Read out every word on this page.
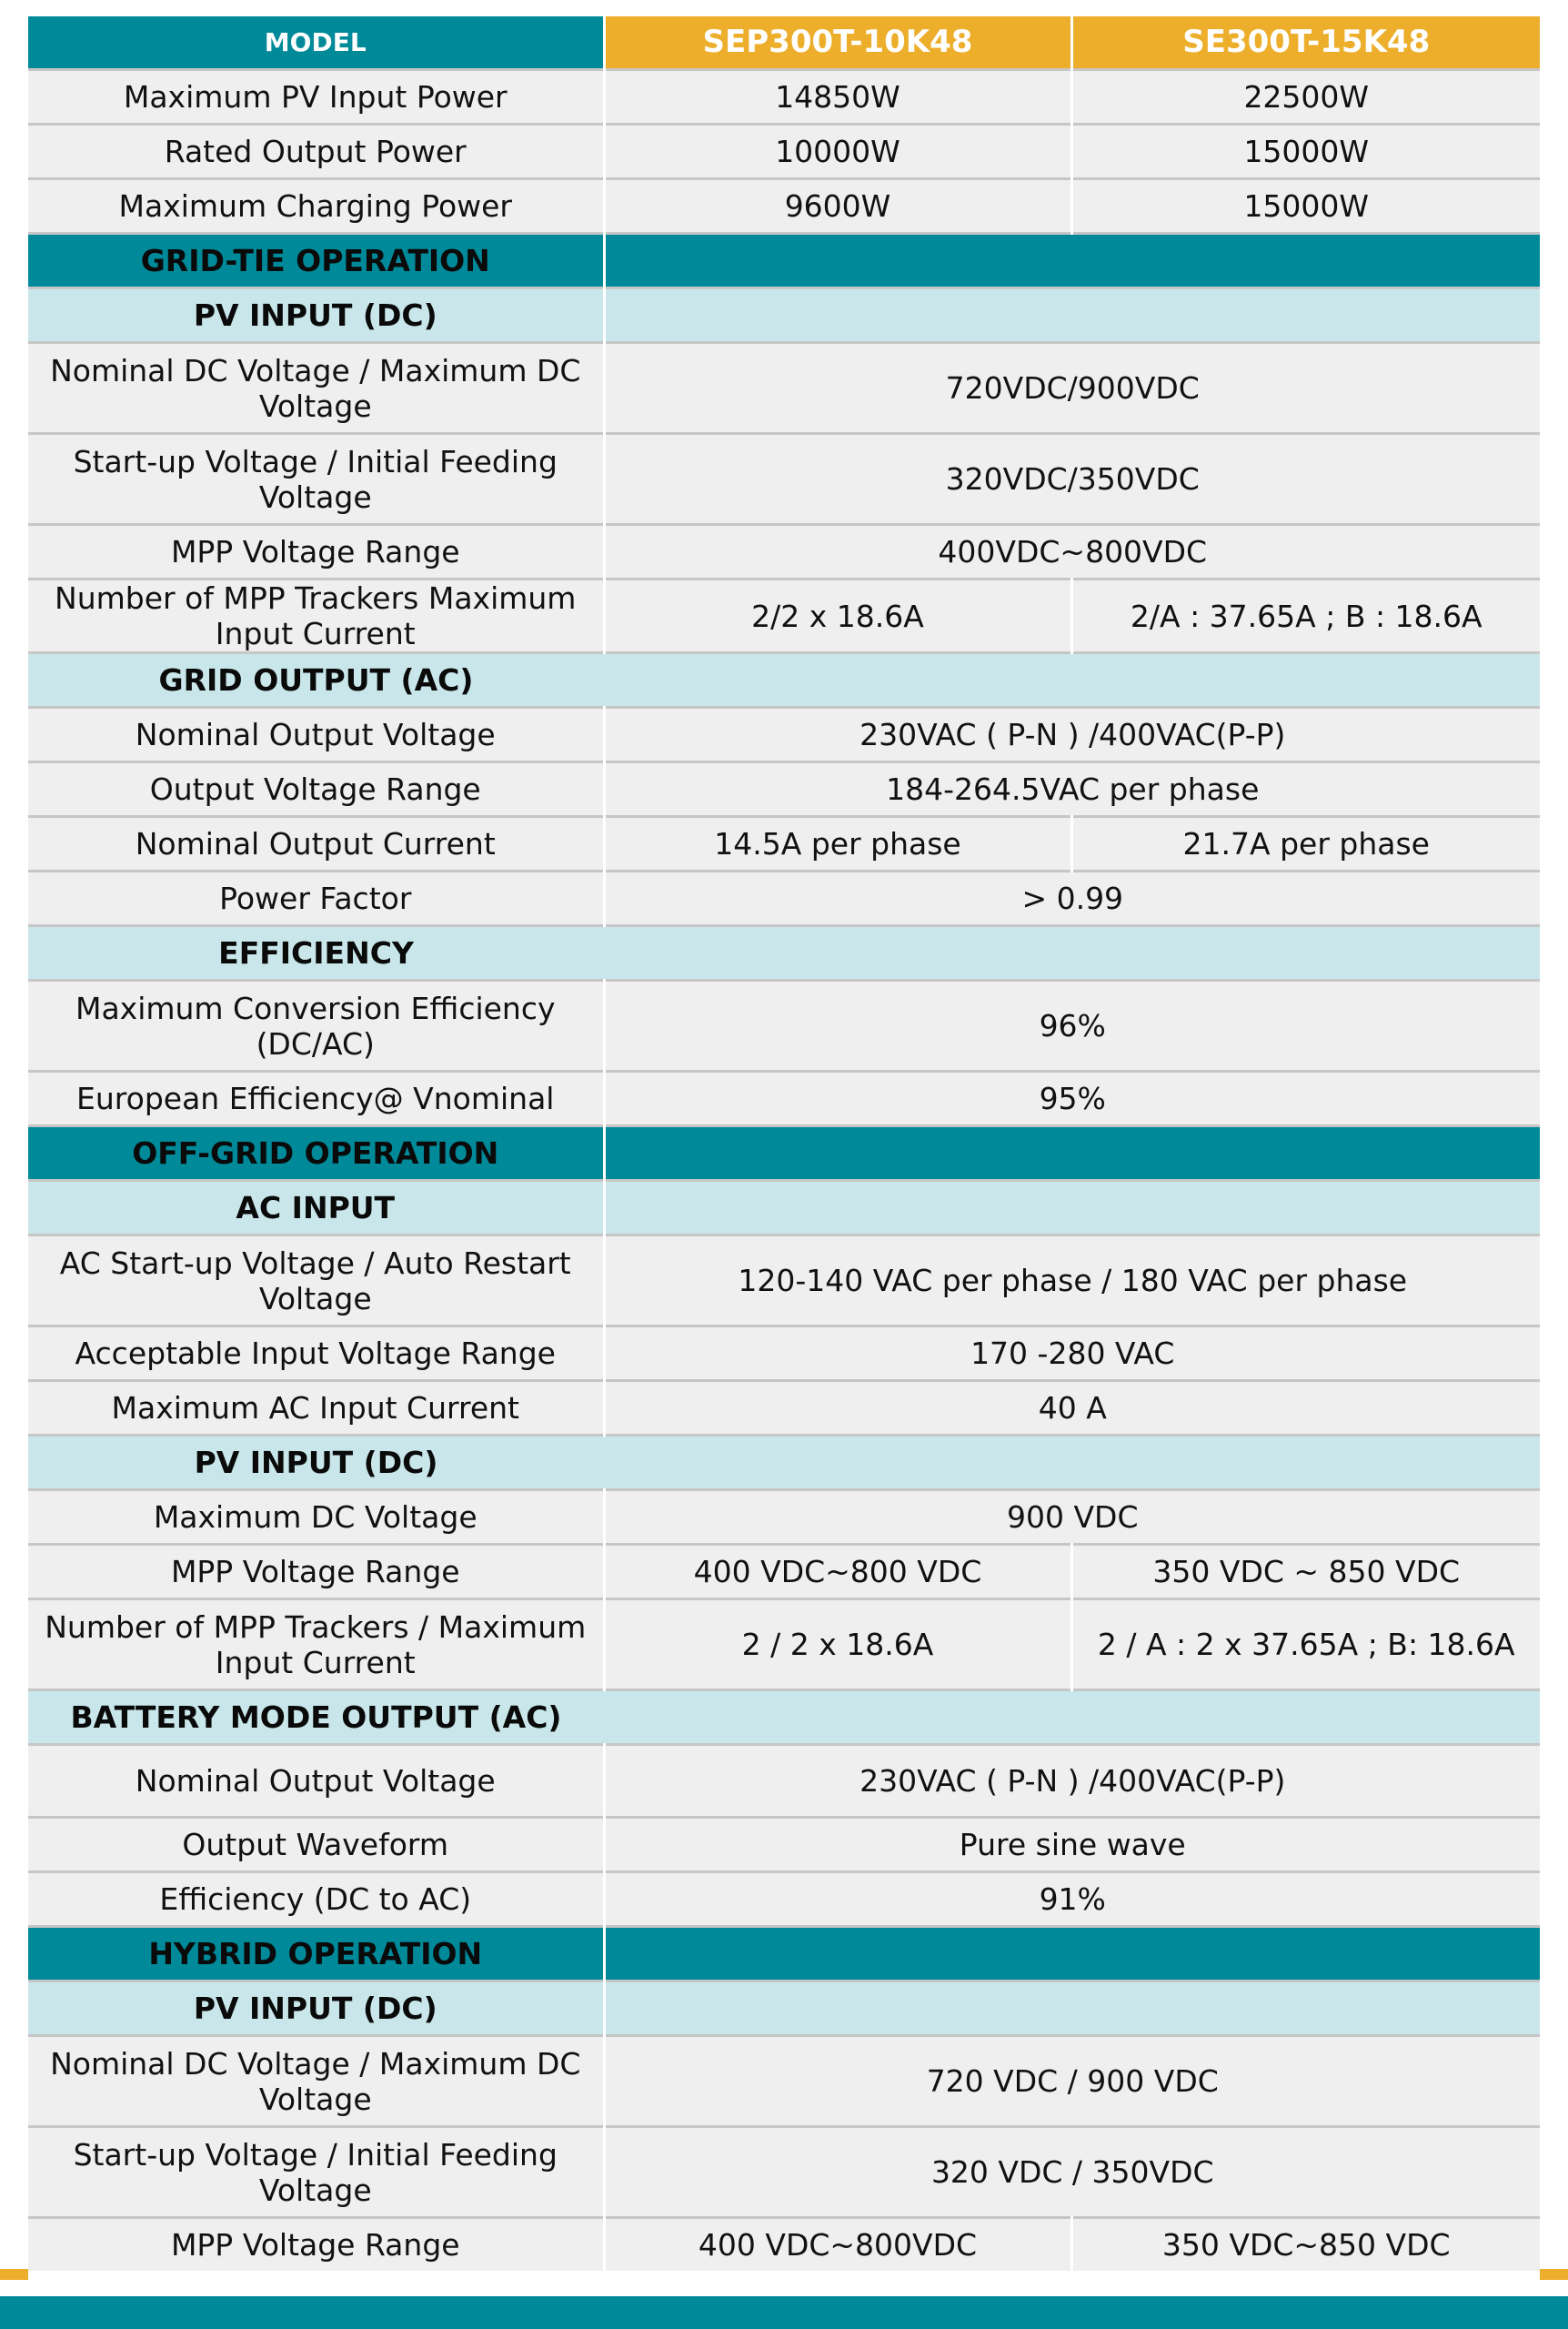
MODEL	SEP300T-10K48	SE300T-15K48
Maximum PV Input Power	14850W	22500W
Rated Output Power	10000W	15000W
Maximum Charging Power	9600W	15000W
GRID-TIE OPERATION		
PV INPUT (DC)		
Nominal DC Voltage / Maximum DC Voltage	720VDC/900VDC	
Start-up Voltage / Initial Feeding Voltage	320VDC/350VDC	
MPP Voltage Range	400VDC~800VDC	
Number of MPP Trackers Maximum Input Current	2/2 x 18.6A	2/A : 37.65A ; B : 18.6A
GRID OUTPUT (AC)		
Nominal Output Voltage	230VAC ( P-N ) /400VAC(P-P)	
Output Voltage Range	184-264.5VAC per phase	
Nominal Output Current	14.5A per phase	21.7A per phase
Power Factor	> 0.99	
EFFICIENCY		
Maximum Conversion Efficiency (DC/AC)	96%	
European Efficiency@ Vnominal	95%	
OFF-GRID OPERATION		
AC INPUT		
AC Start-up Voltage / Auto Restart Voltage	120-140 VAC per phase / 180 VAC per phase	
Acceptable Input Voltage Range	170 -280 VAC	
Maximum AC Input Current	40 A	
PV INPUT (DC)		
Maximum DC Voltage	900 VDC	
MPP Voltage Range	400 VDC~800 VDC	350 VDC ~ 850 VDC
Number of MPP Trackers / Maximum Input Current	2 / 2 x 18.6A	2 / A : 2 x 37.65A ; B: 18.6A
BATTERY MODE OUTPUT (AC)		
Nominal Output Voltage	230VAC ( P-N ) /400VAC(P-P)	
Output Waveform	Pure sine wave	
Efficiency (DC to AC)	91%	
HYBRID OPERATION		
PV INPUT (DC)		
Nominal DC Voltage / Maximum DC Voltage	720 VDC / 900 VDC	
Start-up Voltage / Initial Feeding Voltage	320 VDC / 350VDC	
MPP Voltage Range	400 VDC~800VDC	350 VDC~850 VDC
